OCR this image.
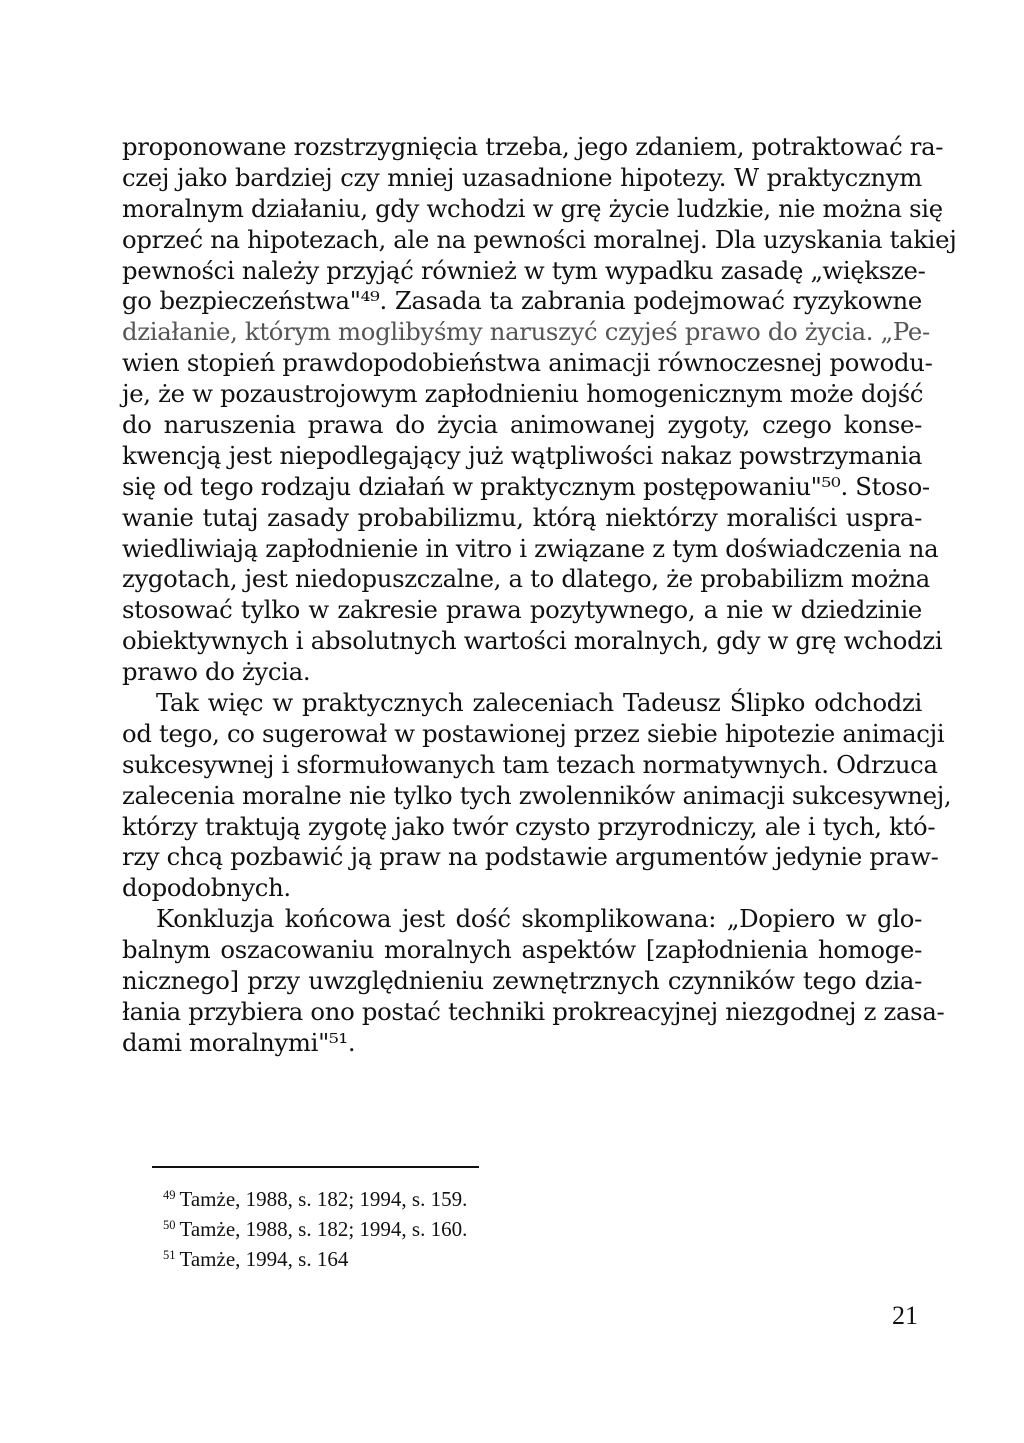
proponowane rozstrzygnięcia trzeba, jego zdaniem, potraktować ra-
czej jako bardziej czy mniej uzasadnione hipotezy. W praktycznym
moralnym działaniu, gdy wchodzi w grę życie ludzkie, nie można się
oprzeć na hipotezach, ale na pewności moralnej. Dla uzyskania takiej
pewności należy przyjąć również w tym wypadku zasadę „większe-
go bezpieczeństwa"⁴⁹. Zasada ta zabrania podejmować ryzykowne
działanie, którym moglibyśmy naruszyć czyjeś prawo do życia. „Pe-
wien stopień prawdopodobieństwa animacji równoczesnej powodu-
je, że w pozaustrojowym zapłodnieniu homogenicznym może dojść
do naruszenia prawa do życia animowanej zygoty, czego konse-
kwencją jest niepodlegający już wątpliwości nakaz powstrzymania
się od tego rodzaju działań w praktycznym postępowaniu"⁵⁰. Stoso-
wanie tutaj zasady probabilizmu, którą niektórzy moraliści uspra-
wiedliwiają zapłodnienie in vitro i związane z tym doświadczenia na
zygotach, jest niedopuszczalne, a to dlatego, że probabilizm można
stosować tylko w zakresie prawa pozytywnego, a nie w dziedzinie
obiektywnych i absolutnych wartości moralnych, gdy w grę wchodzi
prawo do życia.
Tak więc w praktycznych zaleceniach Tadeusz Ślipko odchodzi
od tego, co sugerował w postawionej przez siebie hipotezie animacji
sukcesywnej i sformułowanych tam tezach normatywnych. Odrzuca
zalecenia moralne nie tylko tych zwolenników animacji sukcesywnej,
którzy traktują zygotę jako twór czysto przyrodniczy, ale i tych, któ-
rzy chcą pozbawić ją praw na podstawie argumentów jedynie praw-
dopodobnych.
Konkluzja końcowa jest dość skomplikowana: „Dopiero w glo-
balnym oszacowaniu moralnych aspektów [zapłodnienia homoge-
nicznego] przy uwzględnieniu zewnętrznych czynników tego dzia-
łania przybiera ono postać techniki prokreacyjnej niezgodnej z zasa-
dami moralnymi"⁵¹.
$^{49}$ Tamże, 1988, s. 182; 1994, s. 159.
$^{50}$ Tamże, 1988, s. 182; 1994, s. 160.
$^{51}$ Tamże, 1994, s. 164
21
